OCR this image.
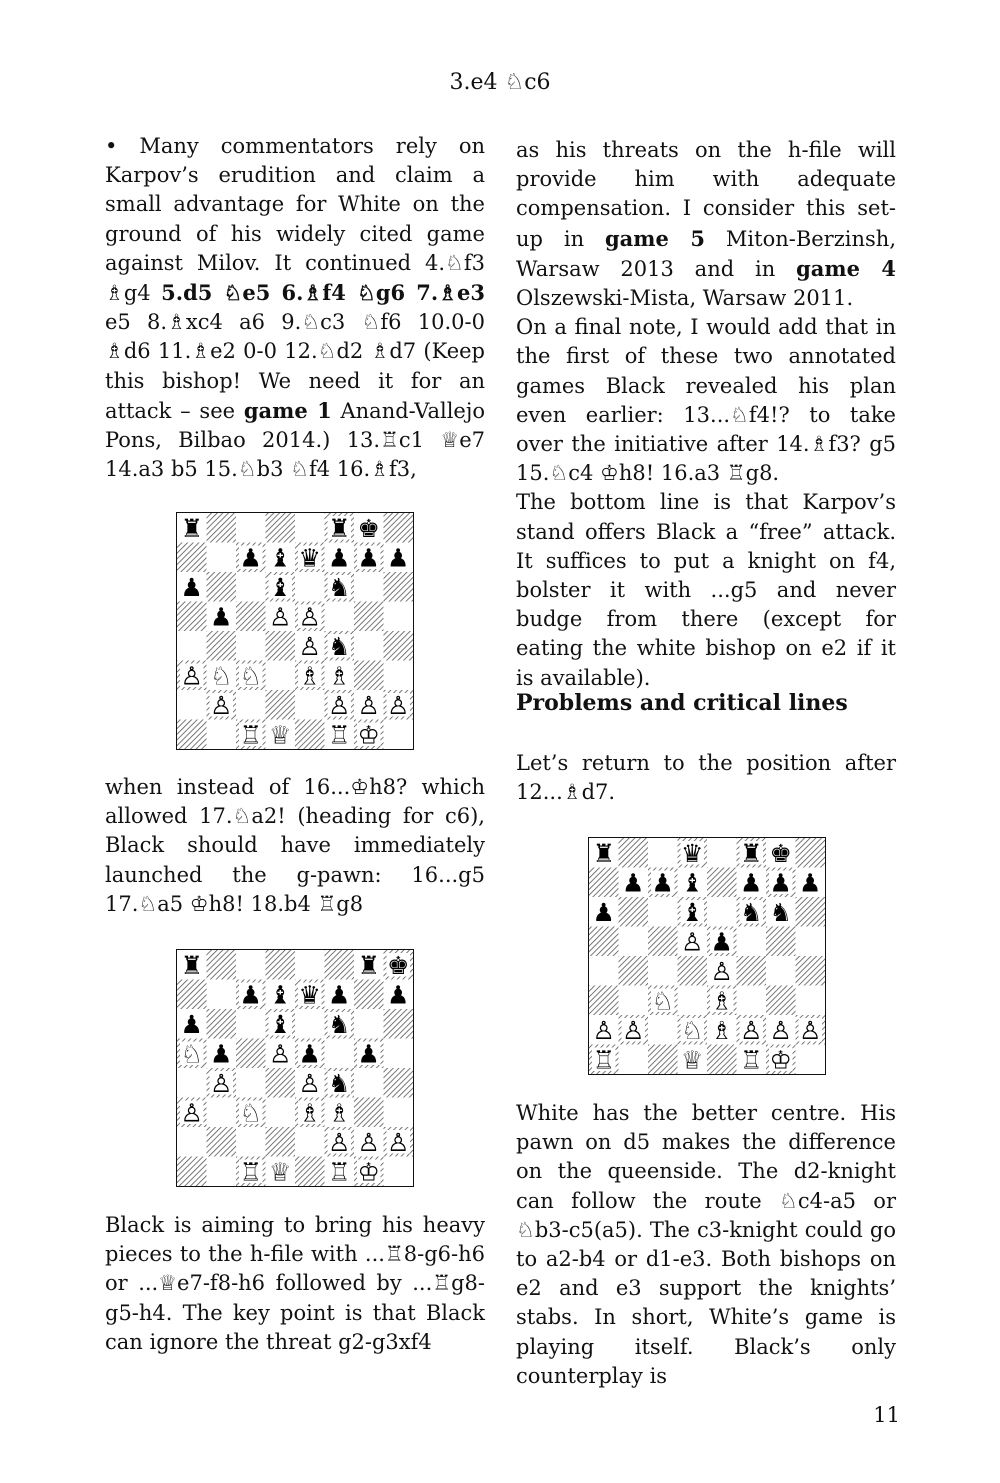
3.e4 ♘c6

• Many commentators rely on Karpov’s erudition and claim a small advantage for White on the ground of his widely cited game against Milov. It continued 4.♘f3 ♗g4 5.d5 ♘e5 6.♗f4 ♘g6 7.♗e3 e5 8.♗xc4 a6 9.♘c3 ♘f6 10.0-0 ♗d6 11.♗e2 0-0 12.♘d2 ♗d7 (Keep this bishop! We need it for an attack – see game 1 Anand-Vallejo Pons, Bilbao 2014.) 13.♖c1 ♕e7 14.a3 b5 15.♘b3 ♘f4 16.♗f3,

♜	♜ ♚
♟ ♝ ♛ ♟ ♟ ♟
♟	♝ ♞
♟ ♙ ♙
♙ ♞
♙ ♘ ♘ ♗ ♗
♙	♙ ♙ ♙
♖ ♕ ♖ ♔

when instead of 16...♔h8? which allowed 17.♘a2! (heading for c6), Black should have immediately launched the g-pawn: 16...g5 17.♘a5 ♔h8! 18.b4 ♖g8

♜	♜ ♚
♟ ♝ ♛ ♟ ♟
♟	♝ ♞
♘ ♟ ♙ ♟ ♟
♙	♙ ♞
♙ ♘ ♗ ♗
♙ ♙ ♙
♖ ♕ ♖ ♔

Black is aiming to bring his heavy pieces to the h-file with ...♖8-g6-h6 or ...♕e7-f8-h6 followed by ...♖g8-g5-h4. The key point is that Black can ignore the threat g2-g3xf4

as his threats on the h-file will provide him with adequate compensation. I consider this set-up in game 5 Miton-Berzinsh, Warsaw 2013 and in game 4 Olszewski-Mista, Warsaw 2011.

On a final note, I would add that in the first of these two annotated games Black revealed his plan even earlier: 13...♘f4!? to take over the initiative after 14.♗f3? g5 15.♘c4 ♔h8! 16.a3 ♖g8.

The bottom line is that Karpov’s stand offers Black a “free” attack. It suffices to put a knight on f4, bolster it with ...g5 and never budge from there (except for eating the white bishop on e2 if it is available).

Problems and critical lines

Let’s return to the position after 12...♗d7.

♜	♛ ♜ ♚
♟ ♟ ♝ ♟ ♟ ♟
♟	♝ ♞ ♞
♙ ♟
♙
♘ ♗
♙ ♙ ♘ ♗ ♙ ♙ ♙
♖	♕ ♖ ♔

White has the better centre. His pawn on d5 makes the difference on the queenside. The d2-knight can follow the route ♘c4-a5 or ♘b3-c5(a5). The c3-knight could go to a2-b4 or d1-e3. Both bishops on e2 and e3 support the knights’ stabs. In short, White’s game is playing itself. Black’s only counterplay is

11
